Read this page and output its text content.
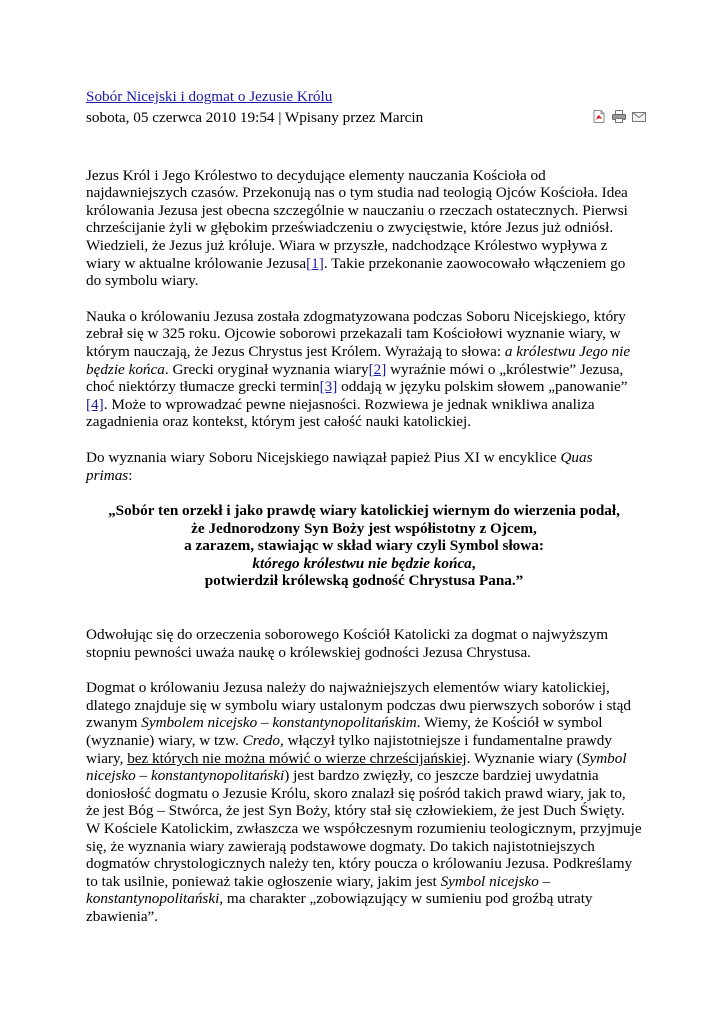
Sobór Nicejski i dogmat o Jezusie Królu
sobota, 05 czerwca 2010 19:54 | Wpisany przez Marcin

Jezus Król i Jego Królestwo to decydujące elementy nauczania Kościoła od najdawniejszych czasów. Przekonują nas o tym studia nad teologią Ojców Kościoła. Idea królowania Jezusa jest obecna szczególnie w nauczaniu o rzeczach ostatecznych. Pierwsi chrześcijanie żyli w głębokim przeświadczeniu o zwycięstwie, które Jezus już odniósł. Wiedzieli, że Jezus już króluje. Wiara w przyszłe, nadchodzące Królestwo wypływa z wiary w aktualne królowanie Jezusa[1]. Takie przekonanie zaowocowało włączeniem go do symbolu wiary.

Nauka o królowaniu Jezusa została zdogmatyzowana podczas Soboru Nicejskiego, który zebrał się w 325 roku. Ojcowie soborowi przekazali tam Kościołowi wyznanie wiary, w którym nauczają, że Jezus Chrystus jest Królem. Wyrażają to słowa: a królestwu Jego nie będzie końca. Grecki oryginał wyznania wiary[2] wyraźnie mówi o „królestwie” Jezusa, choć niektórzy tłumacze grecki termin[3] oddają w języku polskim słowem „panowanie” [4]. Może to wprowadzać pewne niejasności. Rozwiewa je jednak wnikliwa analiza zagadnienia oraz kontekst, którym jest całość nauki katolickiej.

Do wyznania wiary Soboru Nicejskiego nawiązał papież Pius XI w encyklice Quas primas:

„Sobór ten orzekł i jako prawdę wiary katolickiej wiernym do wierzenia podał,
że Jednorodzony Syn Boży jest współistotny z Ojcem,
a zarazem, stawiając w skład wiary czyli Symbol słowa:
którego królestwu nie będzie końca,
potwierdził królewską godność Chrystusa Pana.”

Odwołując się do orzeczenia soborowego Kościół Katolicki za dogmat o najwyższym stopniu pewności uważa naukę o królewskiej godności Jezusa Chrystusa.

Dogmat o królowaniu Jezusa należy do najważniejszych elementów wiary katolickiej, dlatego znajduje się w symbolu wiary ustalonym podczas dwu pierwszych soborów i stąd zwanym Symbolem nicejsko – konstantynopolitańskim. Wiemy, że Kościół w symbol (wyznanie) wiary, w tzw. Credo, włączył tylko najistotniejsze i fundamentalne prawdy wiary, bez których nie można mówić o wierze chrześcijańskiej. Wyznanie wiary (Symbol nicejsko – konstantynopolitański) jest bardzo zwięzły, co jeszcze bardziej uwydatnia doniosłość dogmatu o Jezusie Królu, skoro znalazł się pośród takich prawd wiary, jak to, że jest Bóg – Stwórca, że jest Syn Boży, który stał się człowiekiem, że jest Duch Święty. W Kościele Katolickim, zwłaszcza we współczesnym rozumieniu teologicznym, przyjmuje się, że wyznania wiary zawierają podstawowe dogmaty. Do takich najistotniejszych dogmatów chrystologicznych należy ten, który poucza o królowaniu Jezusa. Podkreślamy to tak usilnie, ponieważ takie ogłoszenie wiary, jakim jest Symbol nicejsko – konstantynopolitański, ma charakter „zobowiązujący w sumieniu pod groźbą utraty zbawienia”.
